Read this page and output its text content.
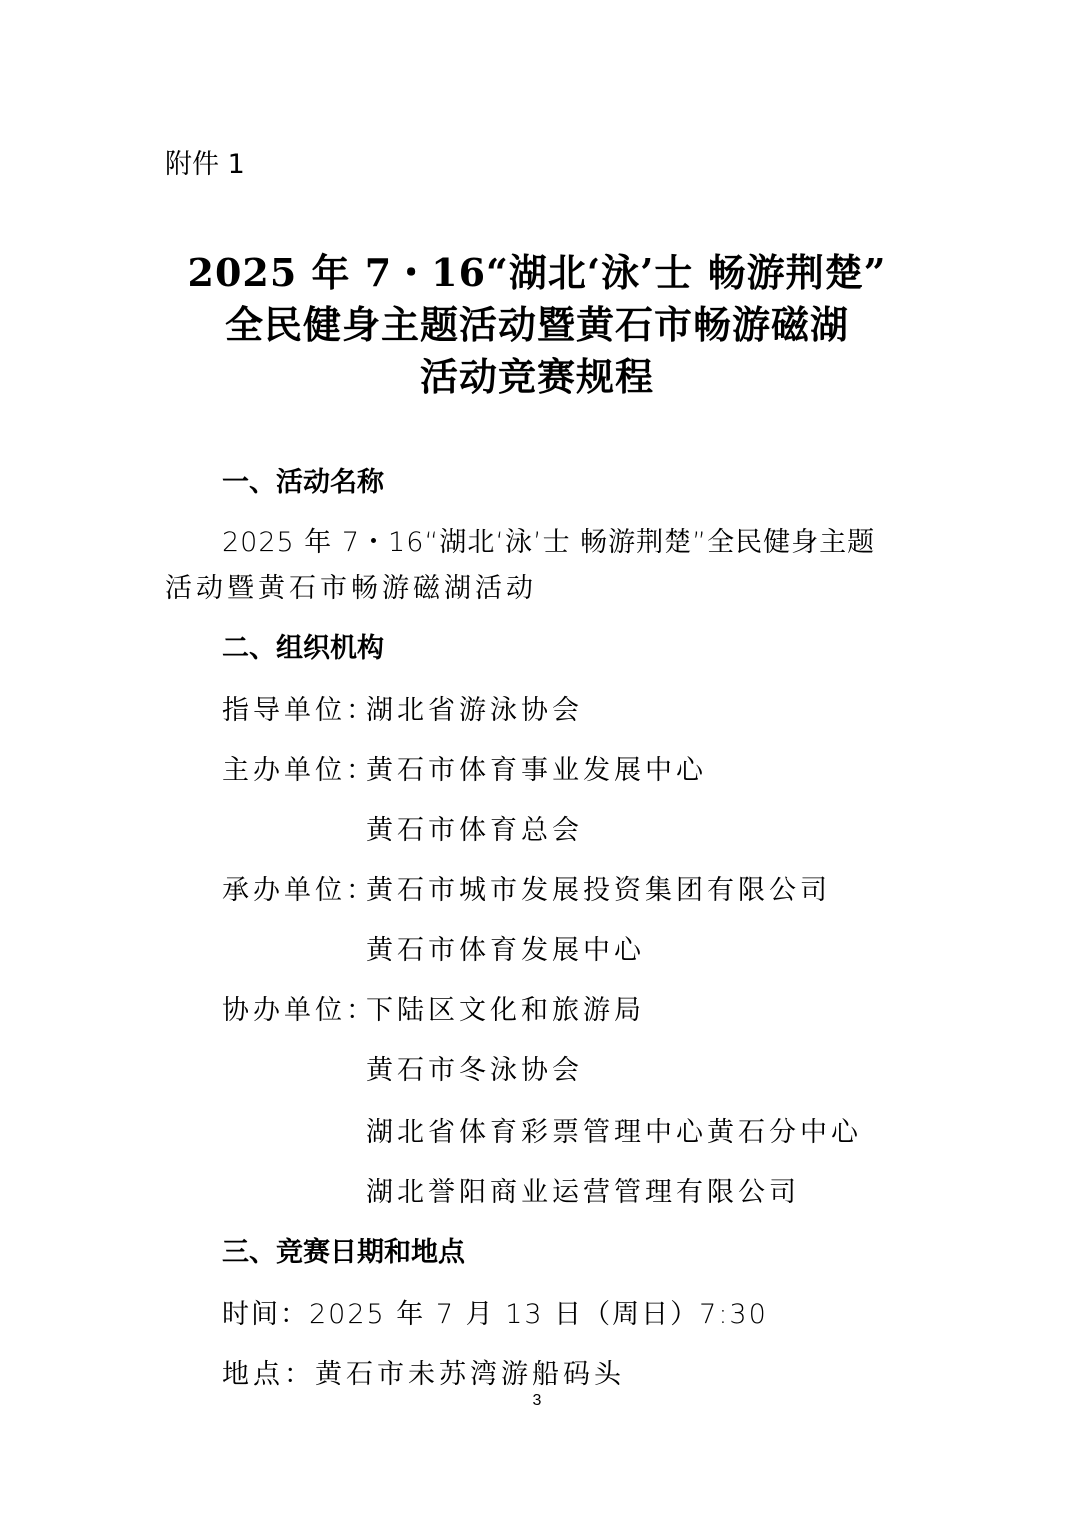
附件 1
2025 年 7・16“湖北‘泳’士 畅游荆楚”
全民健身主题活动暨黄石市畅游磁湖
活动竞赛规程
一、活动名称
2025 年 7・16“湖北‘泳’士 畅游荆楚”全民健身主题
活动暨黄石市畅游磁湖活动
二、组织机构
指导单位：
湖北省游泳协会
主办单位：
黄石市体育事业发展中心
黄石市体育总会
承办单位：
黄石市城市发展投资集团有限公司
黄石市体育发展中心
协办单位：
下陆区文化和旅游局
黄石市冬泳协会
湖北省体育彩票管理中心黄石分中心
湖北誉阳商业运营管理有限公司
三、竞赛日期和地点
时间：2025 年 7 月 13 日（周日）7:30
地点：黄石市未苏湾游船码头
3
